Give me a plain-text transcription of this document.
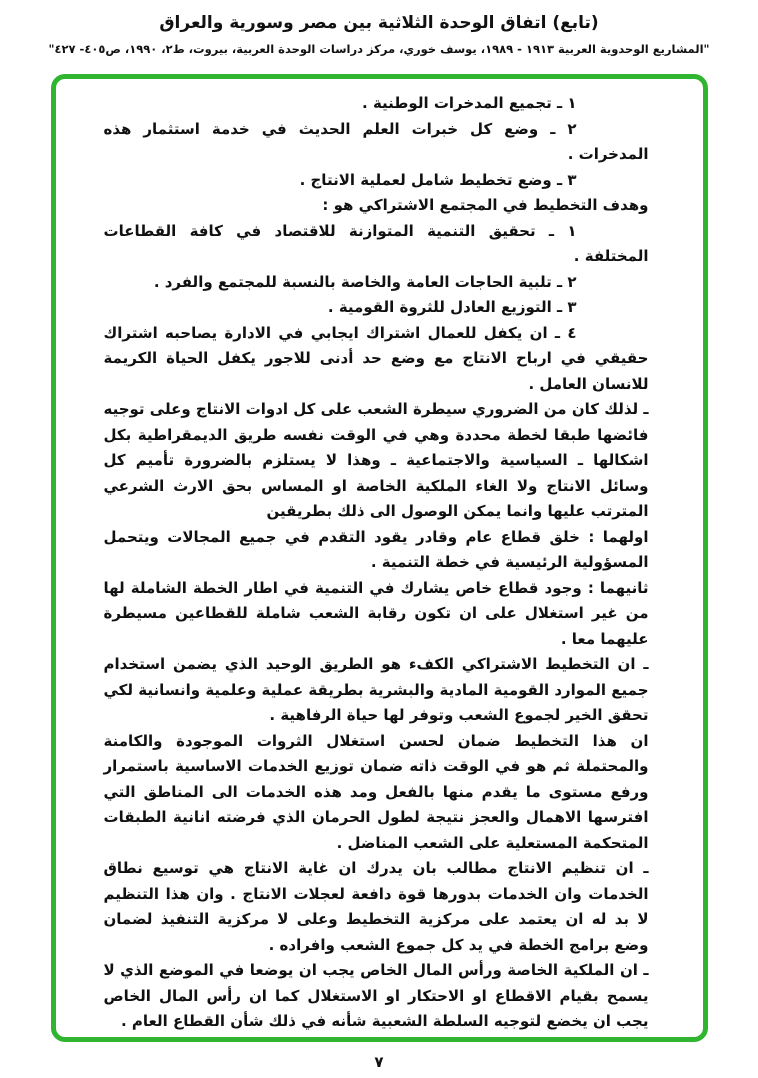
(تابع) اتفاق الوحدة الثلاثية بين مصر وسورية والعراق
"المشاريع الوحدوية العربية ١٩١٣ - ١٩٨٩، يوسف خوري، مركز دراسات الوحدة العربية، بيروت، ط٢، ١٩٩٠، ص٤٠٥- ٤٢٧"

١ ـ تجميع المدخرات الوطنية .

٢ ـ وضع كل خبرات العلم الحديث في خدمة استثمار هذه المدخرات .

٣ ـ وضع تخطيط شامل لعملية الانتاج .

وهدف التخطيط في المجتمع الاشتراكي هو :

١ ـ تحقيق التنمية المتوازنة للاقتصاد في كافة القطاعات المختلفة .

٢ ـ تلبية الحاجات العامة والخاصة بالنسبة للمجتمع والفرد .

٣ ـ التوزيع العادل للثروة القومية .

٤ ـ ان يكفل للعمال اشتراك ايجابي في الادارة يصاحبه اشتراك حقيقي في ارباح الانتاج مع وضع حد أدنى للاجور يكفل الحياة الكريمة للانسان العامل .

ـ لذلك كان من الضروري سيطرة الشعب على كل ادوات الانتاج وعلى توجيه فائضها طبقا لخطة محددة وهي في الوقت نفسه طريق الديمقراطية بكل اشكالها ـ السياسية والاجتماعية ـ وهذا لا يستلزم بالضرورة تأميم كل وسائل الانتاج ولا الغاء الملكية الخاصة او المساس بحق الارث الشرعي المترتب عليها وانما يمكن الوصول الى ذلك بطريقين

اولهما : خلق قطاع عام وقادر يقود التقدم في جميع المجالات ويتحمل المسؤولية الرئيسية في خطة التنمية .

ثانيهما : وجود قطاع خاص يشارك في التنمية في اطار الخطة الشاملة لها من غير استغلال على ان تكون رقابة الشعب شاملة للقطاعين مسيطرة عليهما معا .

ـ ان التخطيط الاشتراكي الكفء هو الطريق الوحيد الذي يضمن استخدام جميع الموارد القومية المادية والبشرية بطريقة عملية وعلمية وانسانية لكي تحقق الخير لجموع الشعب وتوفر لها حياة الرفاهية .

ان هذا التخطيط ضمان لحسن استغلال الثروات الموجودة والكامنة والمحتملة ثم هو في الوقت ذاته ضمان توزيع الخدمات الاساسية باستمرار ورفع مستوى ما يقدم منها بالفعل ومد هذه الخدمات الى المناطق التي افترسها الاهمال والعجز نتيجة لطول الحرمان الذي فرضته انانية الطبقات المتحكمة المستعلية على الشعب المناضل .

ـ ان تنظيم الانتاج مطالب بان يدرك ان غاية الانتاج هي توسيع نطاق الخدمات وان الخدمات بدورها قوة دافعة لعجلات الانتاج . وان هذا التنظيم لا بد له ان يعتمد على مركزية التخطيط وعلى لا مركزية التنفيذ لضمان وضع برامج الخطة في يد كل جموع الشعب وافراده .

ـ ان الملكية الخاصة ورأس المال الخاص يجب ان يوضعا في الموضع الذي لا يسمح بقيام الاقطاع او الاحتكار او الاستغلال كما ان رأس المال الخاص يجب ان يخضع لتوجيه السلطة الشعبية شأنه في ذلك شأن القطاع العام .

٧
